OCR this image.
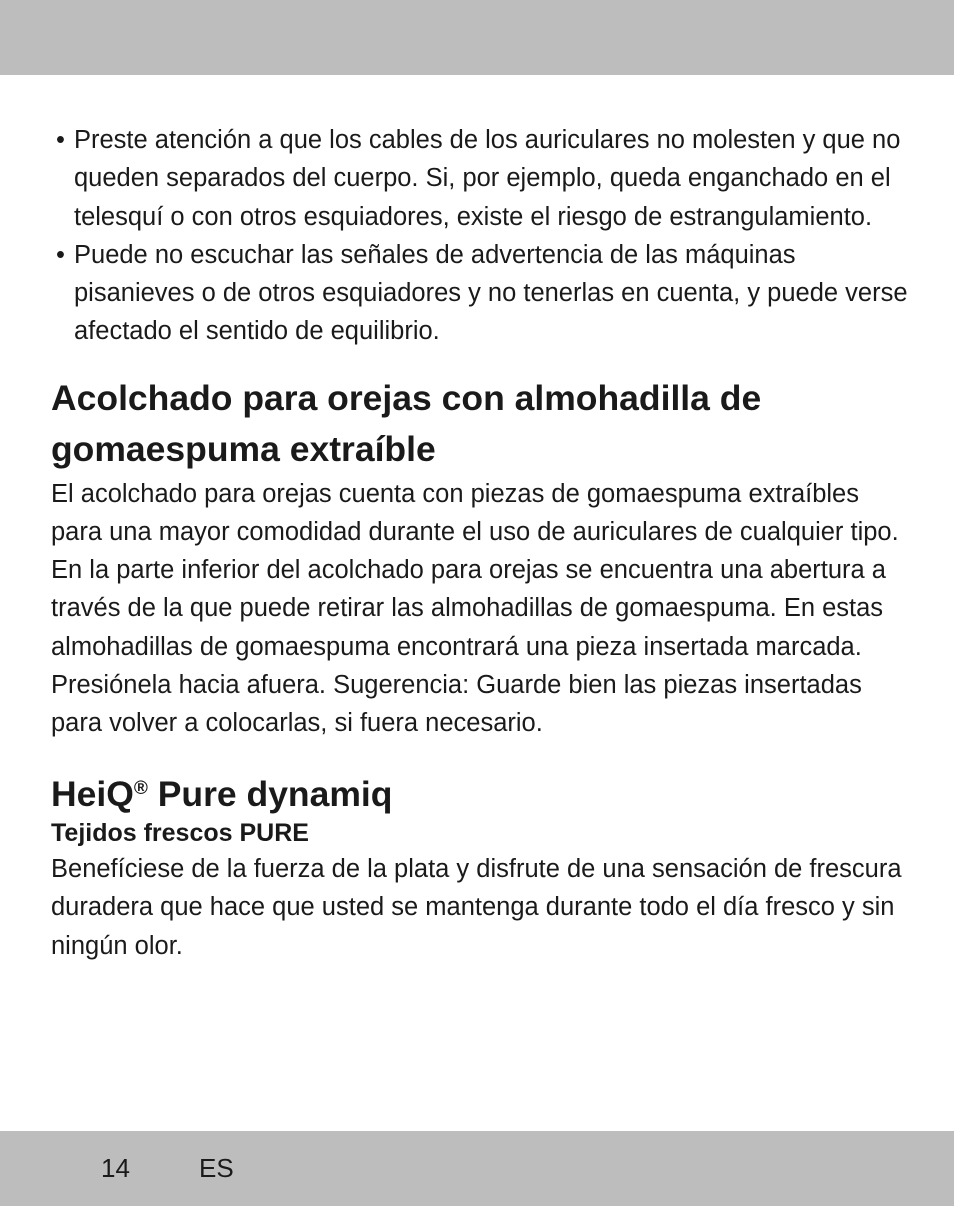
• Preste atención a que los cables de los auriculares no molesten y que no queden separados del cuerpo. Si, por ejemplo, queda enganchado en el telesquí o con otros esquiadores, existe el riesgo de estrangulamiento.
• Puede no escuchar las señales de advertencia de las máquinas pisanieves o de otros esquiadores y no tenerlas en cuenta, y puede verse afectado el sentido de equilibrio.
Acolchado para orejas con almohadilla de gomaespuma extraíble

El acolchado para orejas cuenta con piezas de gomaespuma extraíbles para una mayor comodidad durante el uso de auriculares de cualquier tipo. En la parte inferior del acolchado para orejas se encuentra una abertura a través de la que puede retirar las almohadillas de gomaespuma. En estas almohadillas de gomaespuma encontrará una pieza insertada marcada. Presiónela hacia afuera. Sugerencia: Guarde bien las piezas insertadas para volver a colocarlas, si fuera necesario.

HeiQ® Pure dynamiq
Tejidos frescos PURE

Benefíciese de la fuerza de la plata y disfrute de una sensación de frescura duradera que hace que usted se mantenga durante todo el día fresco y sin ningún olor.

14	ES
